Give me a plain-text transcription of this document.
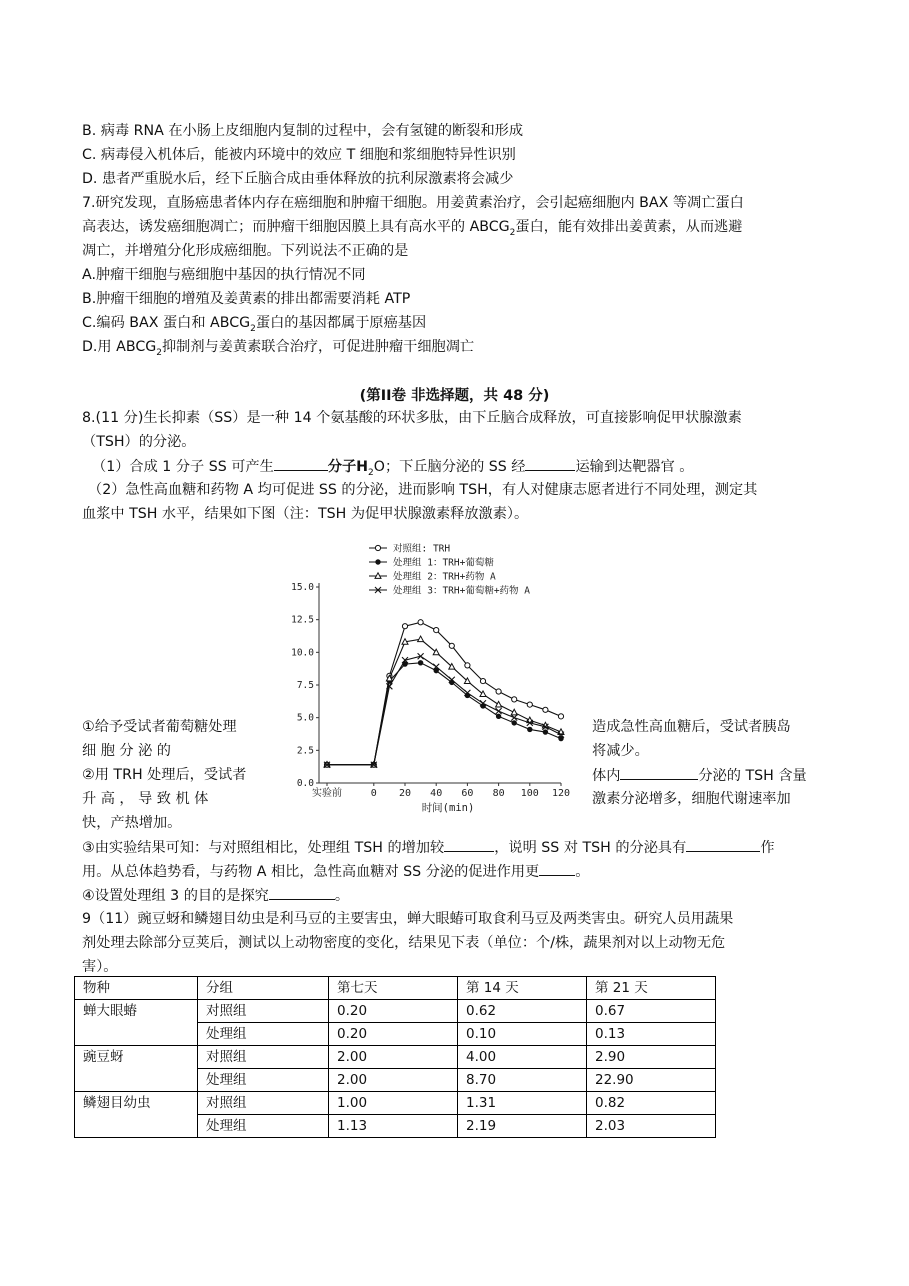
B. 病毒 RNA 在小肠上皮细胞内复制的过程中，会有氢键的断裂和形成
C. 病毒侵入机体后，能被内环境中的效应 T 细胞和浆细胞特异性识别
D. 患者严重脱水后，经下丘脑合成由垂体释放的抗利尿激素将会减少
7.研究发现，直肠癌患者体内存在癌细胞和肿瘤干细胞。用姜黄素治疗，会引起癌细胞内 BAX 等凋亡蛋白
高表达，诱发癌细胞凋亡；而肿瘤干细胞因膜上具有高水平的 $ABCG_2$蛋白，能有效排出姜黄素，从而逃避
凋亡，并增殖分化形成癌细胞。下列说法不正确的是
A.肿瘤干细胞与癌细胞中基因的执行情况不同
B.肿瘤干细胞的增殖及姜黄素的排出都需要消耗 ATP
C.编码 BAX 蛋白和 $ABCG_2$蛋白的基因都属于原癌基因
D.用 $ABCG_2$抑制剂与姜黄素联合治疗，可促进肿瘤干细胞凋亡
(第II卷 非选择题，共 48 分)
8.(11 分)生长抑素（SS）是一种 14 个氨基酸的环状多肽，由下丘脑合成释放，可直接影响促甲状腺激素
（TSH）的分泌。
（1）合成 1 分子 SS 可产生	分子$H_2O$；下丘脑分泌的 SS 经	运输到达靶器官 。
（2）急性高血糖和药物 A 均可促进 SS 的分泌，进而影响 TSH，有人对健康志愿者进行不同处理，测定其
血浆中 TSH 水平，结果如下图（注：TSH 为促甲状腺激素释放激素）。
0.0
2.5
5.0
7.5
10.0
12.5
15.0
实验前	0 20 40 60 80 100 120
时间(min)
对照组: TRH
处理组 1：TRH+葡萄糖
处理组 2：TRH+药物 A
处理组 3：TRH+葡萄糖+药物 A
①给予受试者葡萄糖处理	造成急性高血糖后，受试者胰岛
细 胞 分 泌 的	将减少。
②用 TRH 处理后，受试者	体内	分泌的 TSH 含量
升 高 ， 导 致 机 体	激素分泌增多，细胞代谢速率加
快，产热增加。
③由实验结果可知：与对照组相比，处理组 TSH 的增加较	，说明 SS 对 TSH 的分泌具有	作
用。从总体趋势看，与药物 A 相比，急性高血糖对 SS 分泌的促进作用更	。
④设置处理组 3 的目的是探究	。
9（11）豌豆蚜和鳞翅目幼虫是利马豆的主要害虫，蝉大眼蝽可取食利马豆及两类害虫。研究人员用蔬果
剂处理去除部分豆荚后，测试以上动物密度的变化，结果见下表（单位：个/株，蔬果剂对以上动物无危
害）。
物种	分组	第七天	第 14 天	第 21 天
蝉大眼蝽	对照组	0.20	0.62	0.67
	处理组	0.20	0.10	0.13
豌豆蚜	对照组	2.00	4.00	2.90
	处理组	2.00	8.70	22.90
鳞翅目幼虫	对照组	1.00	1.31	0.82
	处理组	1.13	2.19	2.03
